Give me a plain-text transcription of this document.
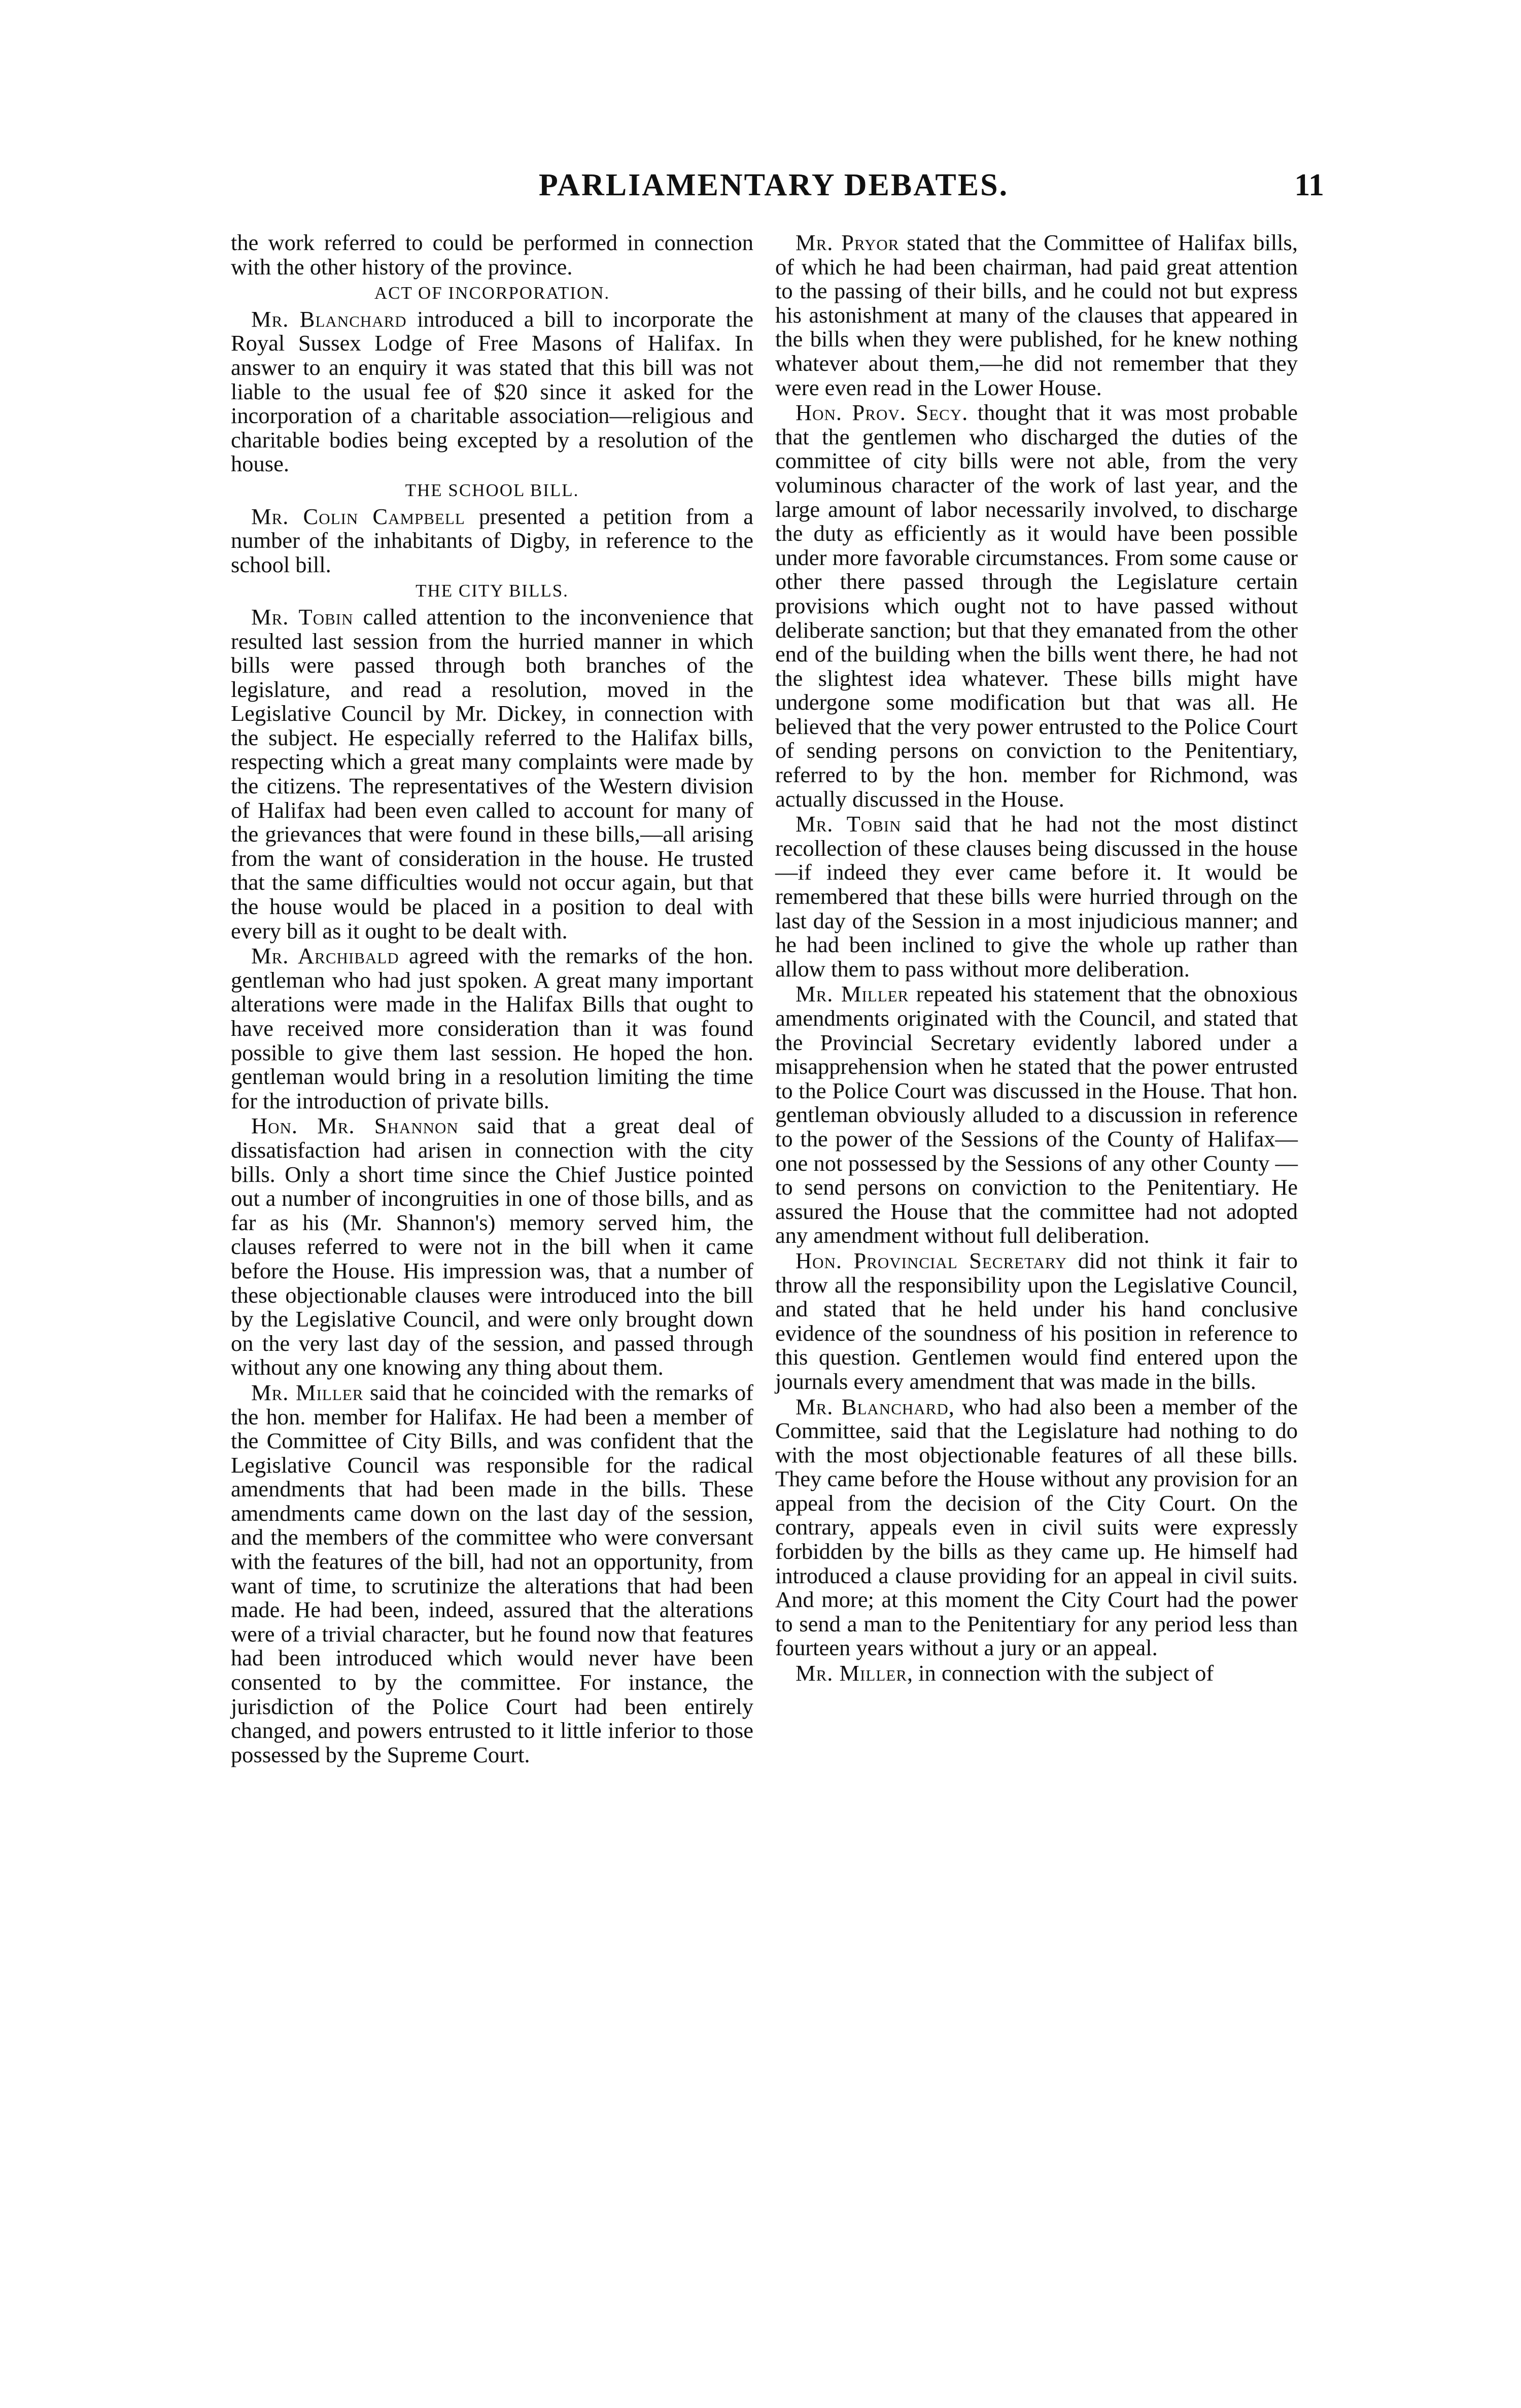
PARLIAMENTARY DEBATES.	11

the work referred to could be performed in connection with the other history of the province.

ACT OF INCORPORATION.

Mr. Blanchard introduced a bill to incorporate the Royal Sussex Lodge of Free Masons of Halifax. In answer to an enquiry it was stated that this bill was not liable to the usual fee of $20 since it asked for the incorporation of a charitable association—religious and charitable bodies being excepted by a resolution of the house.

THE SCHOOL BILL.

Mr. Colin Campbell presented a petition from a number of the inhabitants of Digby, in reference to the school bill.

THE CITY BILLS.

Mr. Tobin called attention to the inconvenience that resulted last session from the hurried manner in which bills were passed through both branches of the legislature, and read a resolution, moved in the Legislative Council by Mr. Dickey, in connection with the subject. He especially referred to the Halifax bills, respecting which a great many complaints were made by the citizens. The representatives of the Western division of Halifax had been even called to account for many of the grievances that were found in these bills,—all arising from the want of consideration in the house. He trusted that the same difficulties would not occur again, but that the house would be placed in a position to deal with every bill as it ought to be dealt with.

Mr. Archibald agreed with the remarks of the hon. gentleman who had just spoken. A great many important alterations were made in the Halifax Bills that ought to have received more consideration than it was found possible to give them last session. He hoped the hon. gentleman would bring in a resolution limiting the time for the introduction of private bills.

Hon. Mr. Shannon said that a great deal of dissatisfaction had arisen in connection with the city bills. Only a short time since the Chief Justice pointed out a number of incongruities in one of those bills, and as far as his (Mr. Shannon's) memory served him, the clauses referred to were not in the bill when it came before the House. His impression was, that a number of these objectionable clauses were introduced into the bill by the Legislative Council, and were only brought down on the very last day of the session, and passed through without any one knowing any thing about them.

Mr. Miller said that he coincided with the remarks of the hon. member for Halifax. He had been a member of the Committee of City Bills, and was confident that the Legislative Council was responsible for the radical amendments that had been made in the bills. These amendments came down on the last day of the session, and the members of the committee who were conversant with the features of the bill, had not an opportunity, from want of time, to scrutinize the alterations that had been made. He had been, indeed, assured that the alterations were of a trivial character, but he found now that features had been introduced which would never have been consented to by the committee. For instance, the jurisdiction of the Police Court had been entirely changed, and powers entrusted to it little inferior to those possessed by the Supreme Court.

Mr. Pryor stated that the Committee of Halifax bills, of which he had been chairman, had paid great attention to the passing of their bills, and he could not but express his astonishment at many of the clauses that appeared in the bills when they were published, for he knew nothing whatever about them,—he did not remember that they were even read in the Lower House.

Hon. Prov. Secy. thought that it was most probable that the gentlemen who discharged the duties of the committee of city bills were not able, from the very voluminous character of the work of last year, and the large amount of labor necessarily involved, to discharge the duty as efficiently as it would have been possible under more favorable circumstances. From some cause or other there passed through the Legislature certain provisions which ought not to have passed without deliberate sanction; but that they emanated from the other end of the building when the bills went there, he had not the slightest idea whatever. These bills might have undergone some modification but that was all. He believed that the very power entrusted to the Police Court of sending persons on conviction to the Penitentiary, referred to by the hon. member for Richmond, was actually discussed in the House.

Mr. Tobin said that he had not the most distinct recollection of these clauses being discussed in the house—if indeed they ever came before it. It would be remembered that these bills were hurried through on the last day of the Session in a most injudicious manner; and he had been inclined to give the whole up rather than allow them to pass without more deliberation.

Mr. Miller repeated his statement that the obnoxious amendments originated with the Council, and stated that the Provincial Secretary evidently labored under a misapprehension when he stated that the power entrusted to the Police Court was discussed in the House. That hon. gentleman obviously alluded to a discussion in reference to the power of the Sessions of the County of Halifax—one not possessed by the Sessions of any other County —to send persons on conviction to the Penitentiary. He assured the House that the committee had not adopted any amendment without full deliberation.

Hon. Provincial Secretary did not think it fair to throw all the responsibility upon the Legislative Council, and stated that he held under his hand conclusive evidence of the soundness of his position in reference to this question. Gentlemen would find entered upon the journals every amendment that was made in the bills.

Mr. Blanchard, who had also been a member of the Committee, said that the Legislature had nothing to do with the most objectionable features of all these bills. They came before the House without any provision for an appeal from the decision of the City Court. On the contrary, appeals even in civil suits were expressly forbidden by the bills as they came up. He himself had introduced a clause providing for an appeal in civil suits. And more; at this moment the City Court had the power to send a man to the Penitentiary for any period less than fourteen years without a jury or an appeal.

Mr. Miller, in connection with the subject of
